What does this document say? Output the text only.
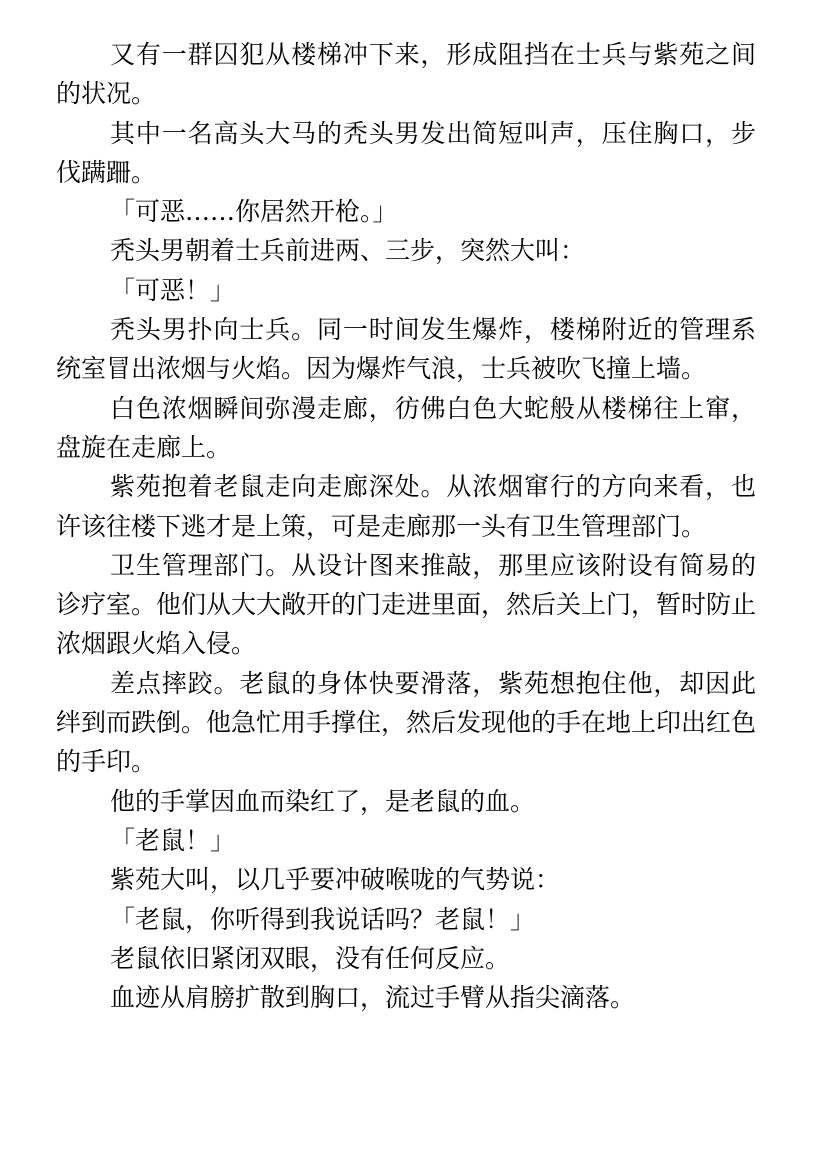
又有一群囚犯从楼梯冲下来，形成阻挡在士兵与紫苑之间的状况。

其中一名高头大马的秃头男发出简短叫声，压住胸口，步伐蹒跚。

「可恶……你居然开枪。」

秃头男朝着士兵前进两、三步，突然大叫：

「可恶！」

秃头男扑向士兵。同一时间发生爆炸，楼梯附近的管理系统室冒出浓烟与火焰。因为爆炸气浪，士兵被吹飞撞上墙。

白色浓烟瞬间弥漫走廊，彷佛白色大蛇般从楼梯往上窜，盘旋在走廊上。

紫苑抱着老鼠走向走廊深处。从浓烟窜行的方向来看，也许该往楼下逃才是上策，可是走廊那一头有卫生管理部门。

卫生管理部门。从设计图来推敲，那里应该附设有简易的诊疗室。他们从大大敞开的门走进里面，然后关上门，暂时防止浓烟跟火焰入侵。

差点摔跤。老鼠的身体快要滑落，紫苑想抱住他，却因此绊到而跌倒。他急忙用手撑住，然后发现他的手在地上印出红色的手印。

他的手掌因血而染红了，是老鼠的血。

「老鼠！」

紫苑大叫，以几乎要冲破喉咙的气势说：

「老鼠，你听得到我说话吗？老鼠！」

老鼠依旧紧闭双眼，没有任何反应。

血迹从肩膀扩散到胸口，流过手臂从指尖滴落。
